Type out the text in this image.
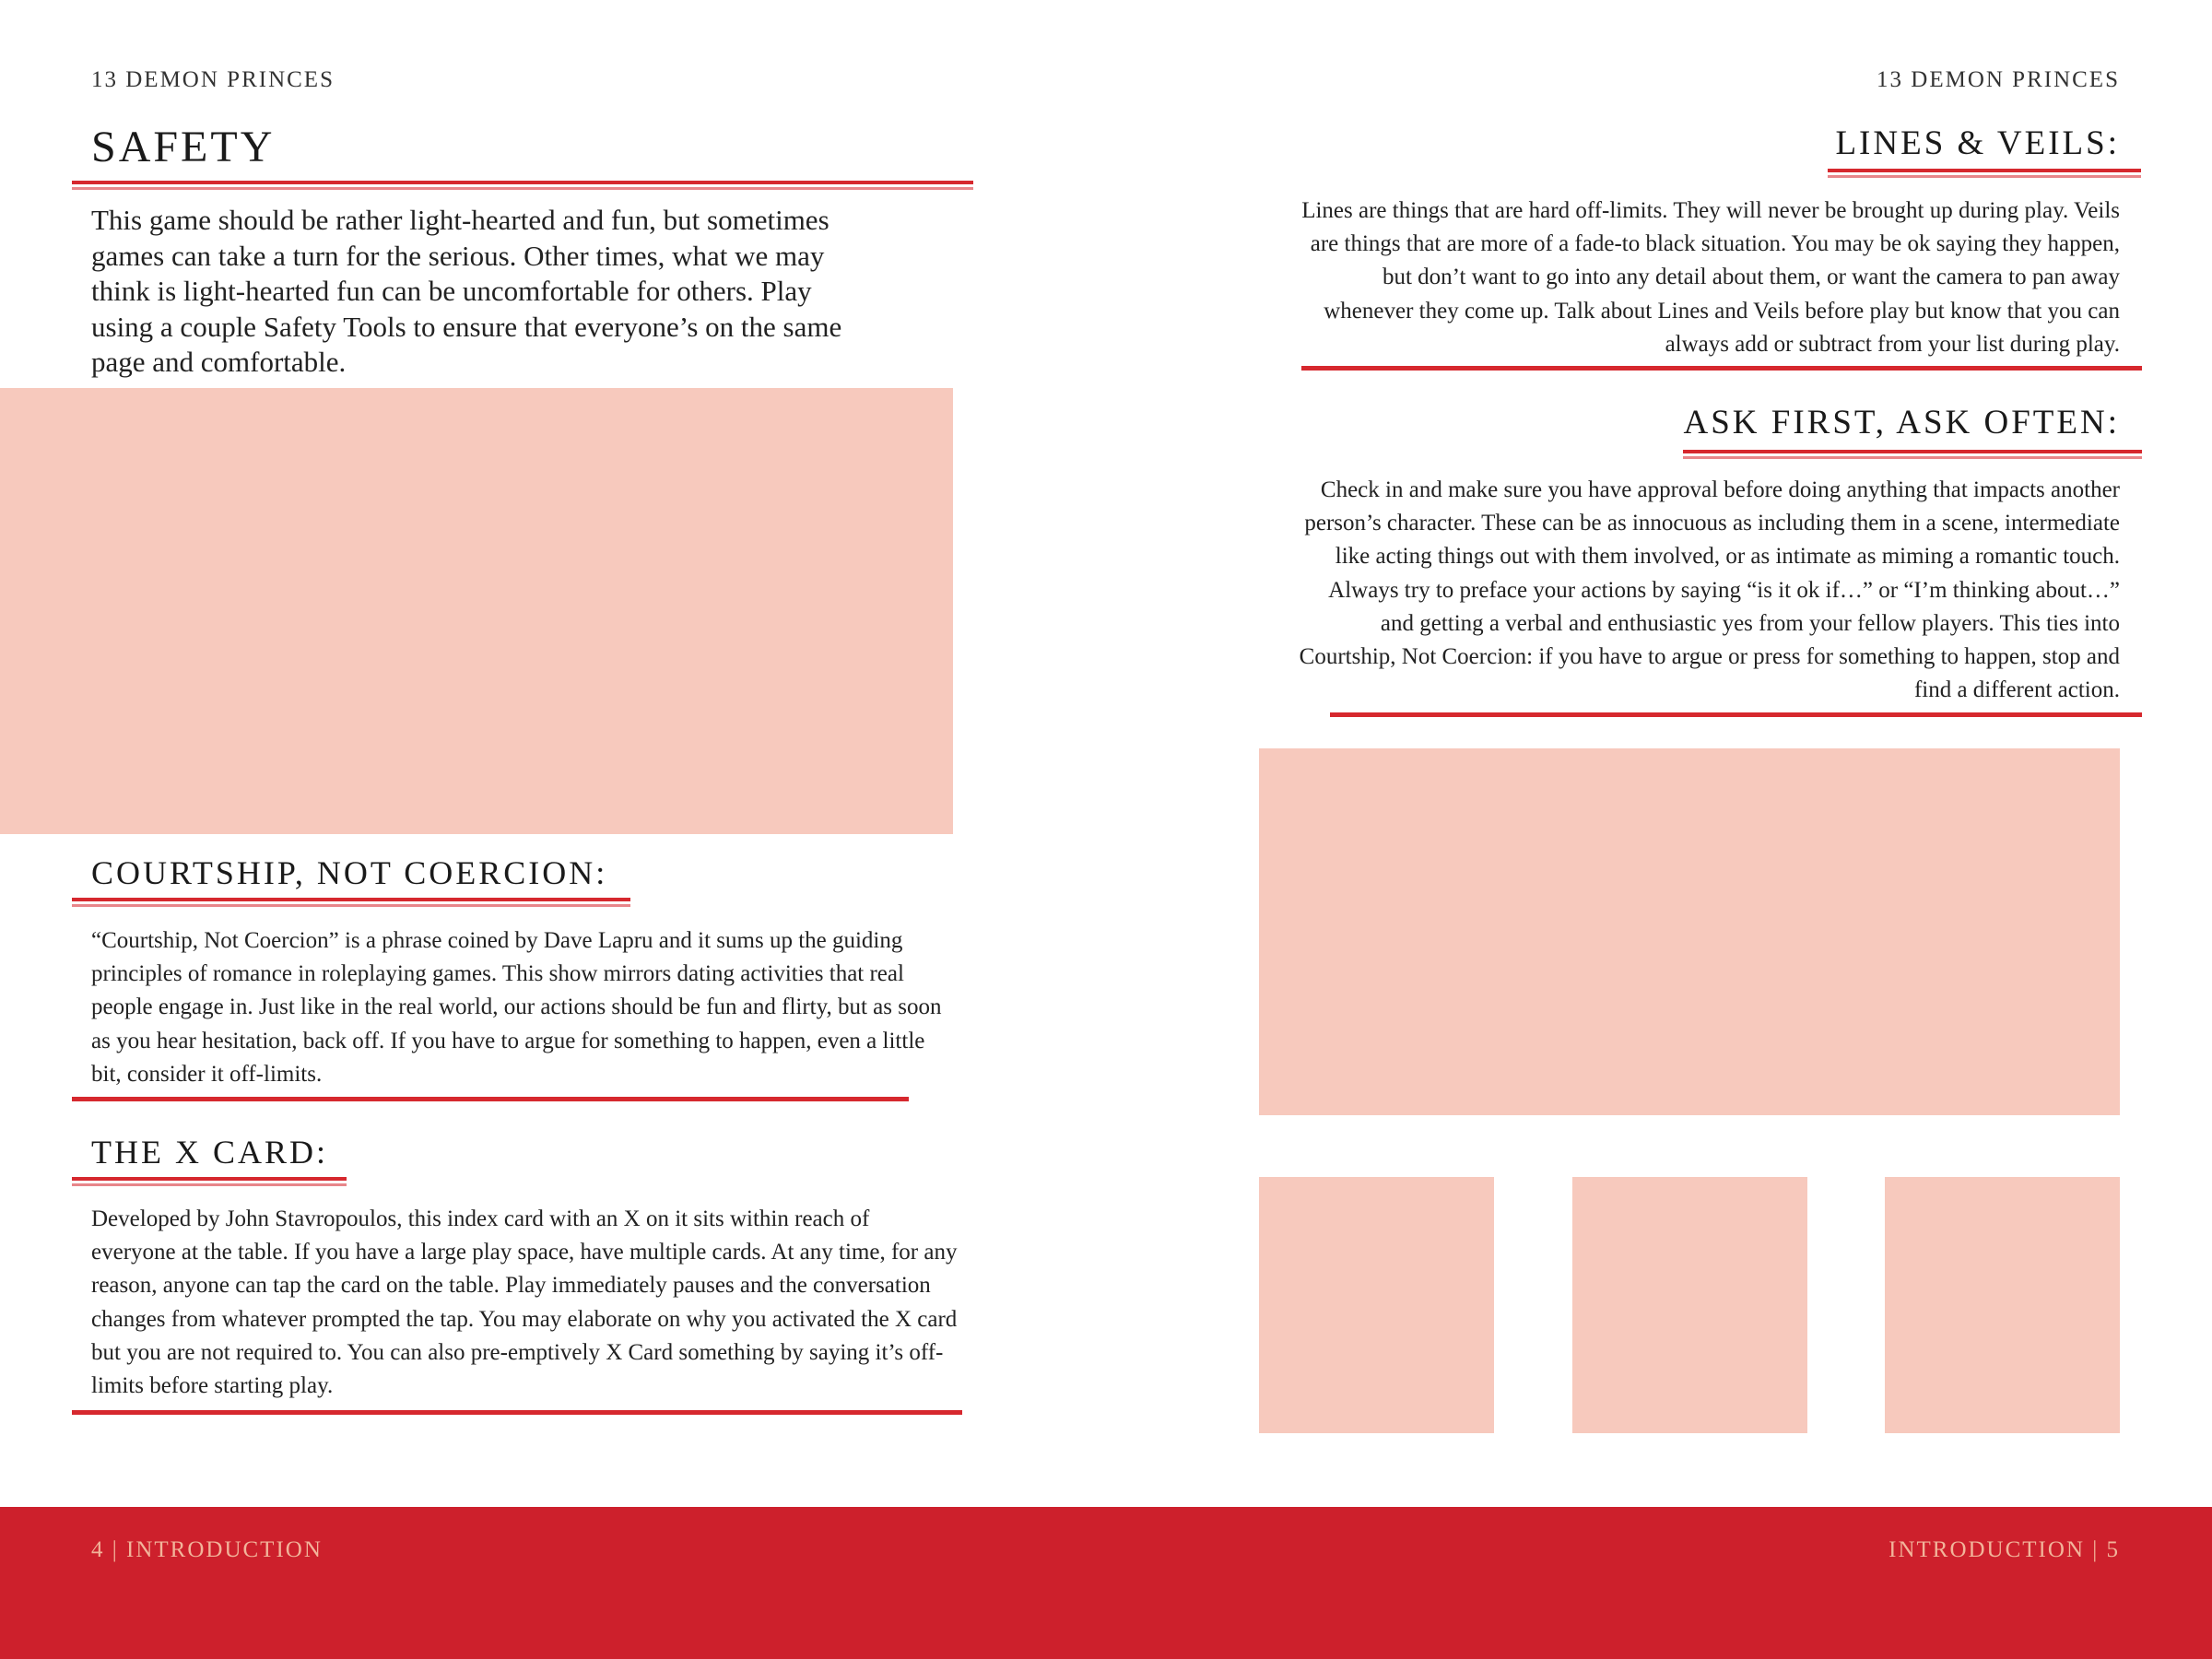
13 DEMON PRINCES
SAFETY
This game should be rather light-hearted and fun, but sometimes games can take a turn for the serious. Other times, what we may think is light-hearted fun can be uncomfortable for others. Play using a couple Safety Tools to ensure that everyone’s on the same page and comfortable.
COURTSHIP, NOT COERCION:
“Courtship, Not Coercion” is a phrase coined by Dave Lapru and it sums up the guiding principles of romance in roleplaying games. This show mirrors dating activities that real people engage in. Just like in the real world, our actions should be fun and flirty, but as soon as you hear hesitation, back off. If you have to argue for something to happen, even a little bit, consider it off-limits.
THE X CARD:
Developed by John Stavropoulos, this index card with an X on it sits within reach of everyone at the table. If you have a large play space, have multiple cards. At any time, for any reason, anyone can tap the card on the table. Play immediately pauses and the conversation changes from whatever prompted the tap. You may elaborate on why you activated the X card but you are not required to. You can also pre-emptively X Card something by saying it’s off-limits before starting play.
13 DEMON PRINCES
LINES & VEILS:
Lines are things that are hard off-limits. They will never be brought up during play. Veils are things that are more of a fade-to black situation. You may be ok saying they happen, but don’t want to go into any detail about them, or want the camera to pan away whenever they come up. Talk about Lines and Veils before play but know that you can always add or subtract from your list during play.
ASK FIRST, ASK OFTEN:
Check in and make sure you have approval before doing anything that impacts another person’s character. These can be as innocuous as including them in a scene, intermediate like acting things out with them involved, or as intimate as miming a romantic touch. Always try to preface your actions by saying “is it ok if…” or “I’m thinking about…” and getting a verbal and enthusiastic yes from your fellow players. This ties into Courtship, Not Coercion: if you have to argue or press for something to happen, stop and find a different action.
4 | INTRODUCTION	INTRODUCTION | 5
